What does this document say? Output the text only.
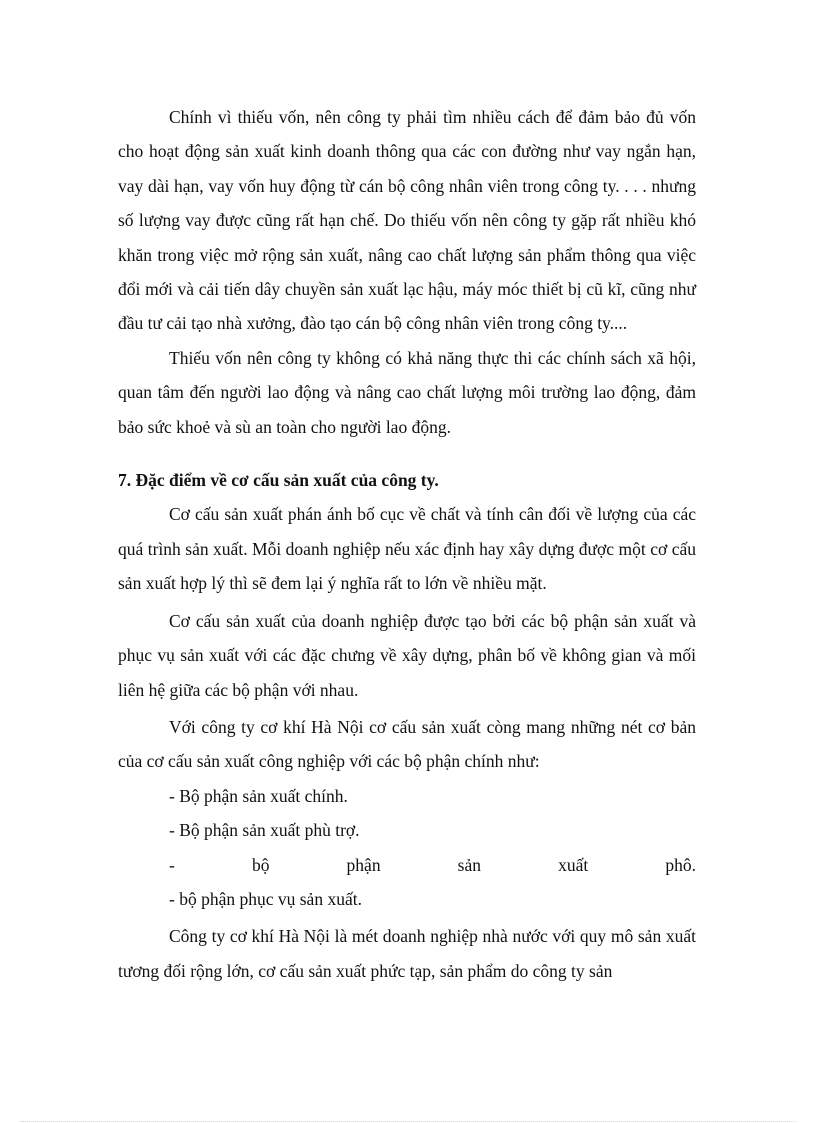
Chính vì thiếu vốn, nên công ty phải tìm nhiều cách để đảm bảo đủ vốn cho hoạt động sản xuất kinh doanh thông qua các con đường như vay ngắn hạn, vay dài hạn, vay vốn huy động từ cán bộ công nhân viên trong công ty. . . . nhưng số lượng vay được cũng rất hạn chế. Do thiếu vốn nên công ty gặp rất nhiều khó khăn trong việc mở rộng sản xuất, nâng cao chất lượng sản phẩm thông qua việc đổi mới và cải tiến dây chuyền sản xuất lạc hậu, máy móc thiết bị cũ kĩ, cũng như đầu tư cải tạo nhà xưởng, đào tạo cán bộ công nhân viên trong công ty....

Thiếu vốn nên công ty không có khả năng thực thi các chính sách xã hội, quan tâm đến người lao động và nâng cao chất lượng môi trường lao động, đảm bảo sức khoẻ và sù an toàn cho người lao động.

7. Đặc điểm về cơ cấu sản xuất của công ty.

Cơ cấu sản xuất phán ánh bố cục về chất và tính cân đối về lượng của các quá trình sản xuất. Mỗi doanh nghiệp nếu xác định hay xây dựng được một cơ cấu sản xuất hợp lý thì sẽ đem lại ý nghĩa rất to lớn về nhiều mặt.

Cơ cấu sản xuất của doanh nghiệp được tạo bởi các bộ phận sản xuất và phục vụ sản xuất với các đặc chưng về xây dựng, phân bố về không gian và mối liên hệ giữa các bộ phận với nhau.

Với công ty cơ khí Hà Nội cơ cấu sản xuất còng mang những nét cơ bản của cơ cấu sản xuất công nghiệp với các bộ phận chính như:

- Bộ phận sản xuất chính.

- Bộ phận sản xuất phù trợ.

- bộ phận sản xuất phô.

- bộ phận phục vụ sản xuất.

Công ty cơ khí Hà Nội là mét doanh nghiệp nhà nước với quy mô sản xuất tương đối rộng lớn, cơ cấu sản xuất phức tạp, sản phẩm do công ty sản
